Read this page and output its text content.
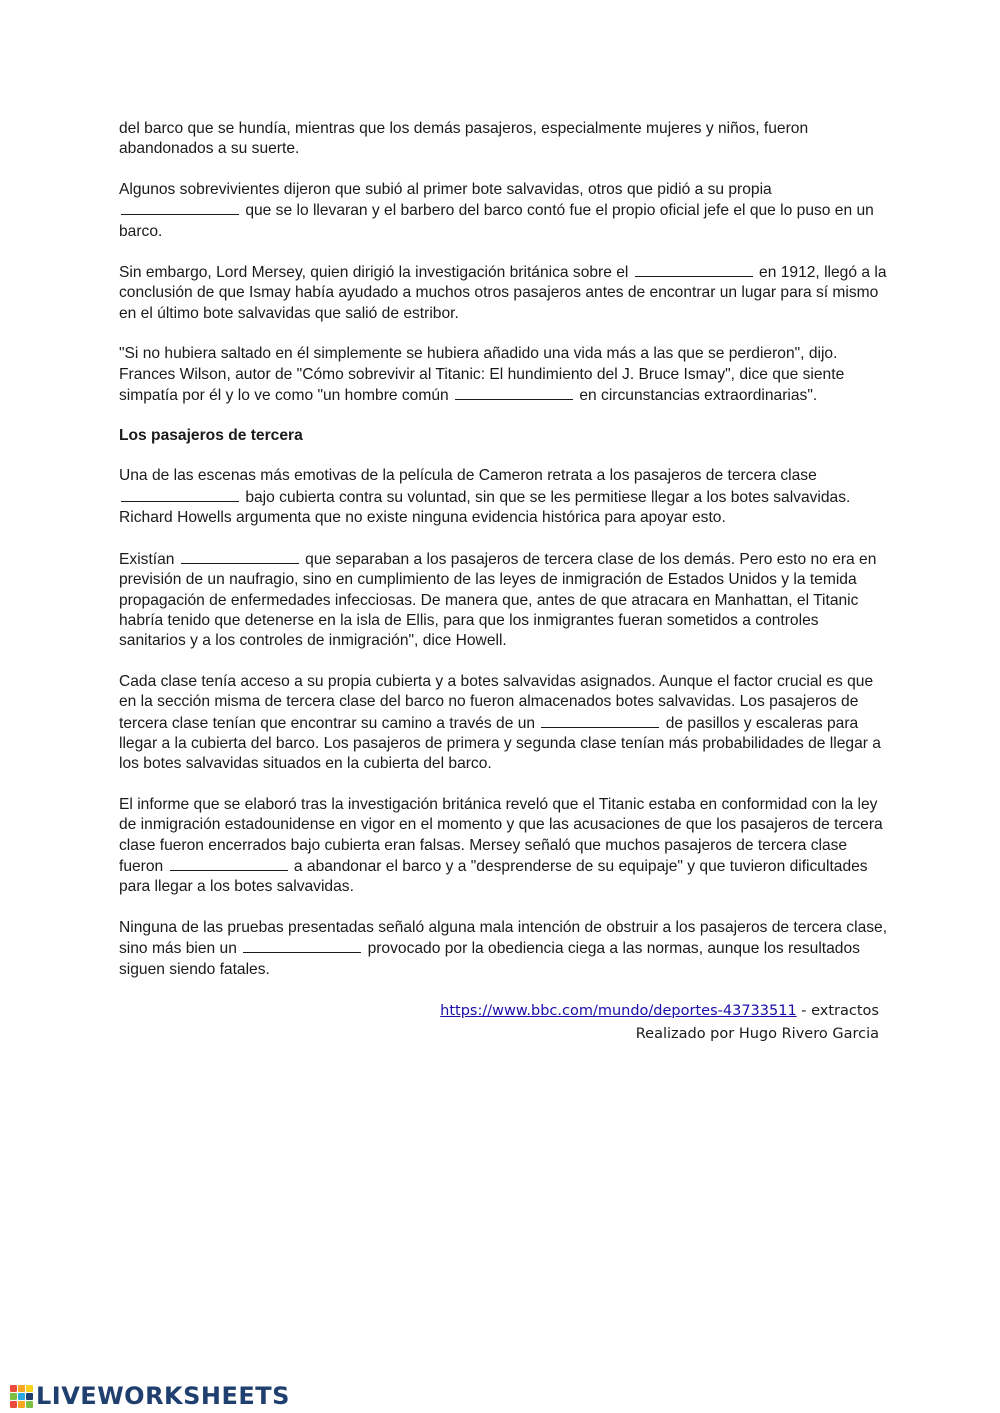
del barco que se hundía, mientras que los demás pasajeros, especialmente mujeres y niños, fueron abandonados a su suerte.
Algunos sobrevivientes dijeron que subió al primer bote salvavidas, otros que pidió a su propia  que se lo llevaran y el barbero del barco contó fue el propio oficial jefe el que lo puso en un barco.
Sin embargo, Lord Mersey, quien dirigió la investigación británica sobre el	en 1912, llegó a la conclusión de que Ismay había ayudado a muchos otros pasajeros antes de encontrar un lugar para sí mismo en el último bote salvavidas que salió de estribor.
"Si no hubiera saltado en él simplemente se hubiera añadido una vida más a las que se perdieron", dijo. Frances Wilson, autor de "Cómo sobrevivir al Titanic: El hundimiento del J. Bruce Ismay", dice que siente simpatía por él y lo ve como "un hombre común	en circunstancias extraordinarias".
Los pasajeros de tercera
Una de las escenas más emotivas de la película de Cameron retrata a los pasajeros de tercera clase  bajo cubierta contra su voluntad, sin que se les permitiese llegar a los botes salvavidas. Richard Howells argumenta que no existe ninguna evidencia histórica para apoyar esto.
Existían	que separaban a los pasajeros de tercera clase de los demás. Pero esto no era en previsión de un naufragio, sino en cumplimiento de las leyes de inmigración de Estados Unidos y la temida propagación de enfermedades infecciosas. De manera que, antes de que atracara en Manhattan, el Titanic habría tenido que detenerse en la isla de Ellis, para que los inmigrantes fueran sometidos a controles sanitarios y a los controles de inmigración", dice Howell.
Cada clase tenía acceso a su propia cubierta y a botes salvavidas asignados. Aunque el factor crucial es que en la sección misma de tercera clase del barco no fueron almacenados botes salvavidas. Los pasajeros de tercera clase tenían que encontrar su camino a través de un	de pasillos y escaleras para llegar a la cubierta del barco. Los pasajeros de primera y segunda clase tenían más probabilidades de llegar a los botes salvavidas situados en la cubierta del barco.
El informe que se elaboró tras la investigación británica reveló que el Titanic estaba en conformidad con la ley de inmigración estadounidense en vigor en el momento y que las acusaciones de que los pasajeros de tercera clase fueron encerrados bajo cubierta eran falsas. Mersey señaló que muchos pasajeros de tercera clase fueron	a abandonar el barco y a "desprenderse de su equipaje" y que tuvieron dificultades para llegar a los botes salvavidas.
Ninguna de las pruebas presentadas señaló alguna mala intención de obstruir a los pasajeros de tercera clase, sino más bien un	provocado por la obediencia ciega a las normas, aunque los resultados siguen siendo fatales.
https://www.bbc.com/mundo/deportes-43733511 - extractos
Realizado por Hugo Rivero Garcia
LIVEWORKSHEETS
